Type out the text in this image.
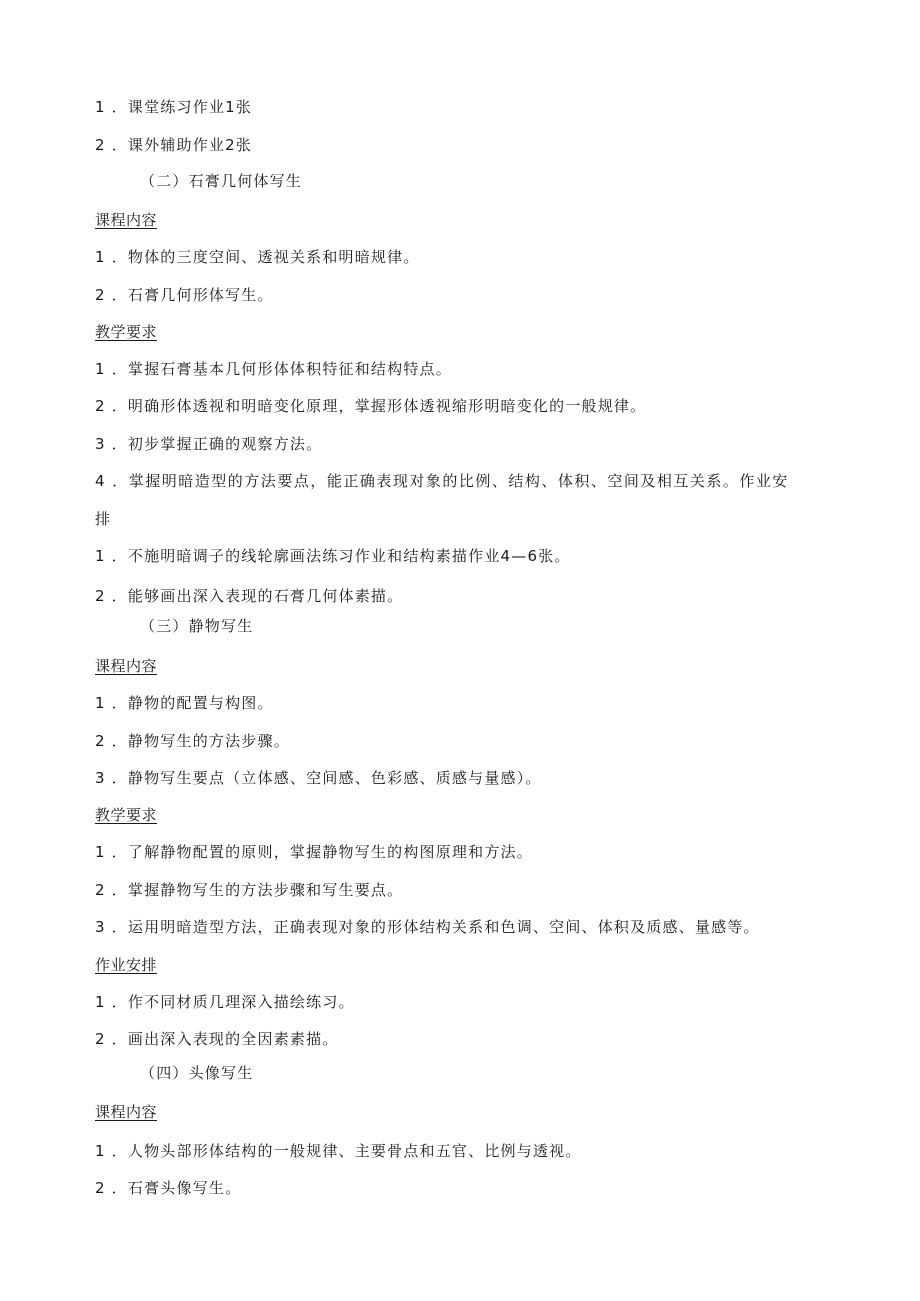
1 ．课堂练习作业1张
2 ．课外辅助作业2张
（二）石膏几何体写生
课程内容
1 ．物体的三度空间、透视关系和明暗规律。
2 ．石膏几何形体写生。
教学要求
1 ．掌握石膏基本几何形体体积特征和结构特点。
2 ．明确形体透视和明暗变化原理，掌握形体透视缩形明暗变化的一般规律。
3 ．初步掌握正确的观察方法。
4 ．掌握明暗造型的方法要点，能正确表现对象的比例、结构、体积、空间及相互关系。作业安
排
1 ．不施明暗调子的线轮廓画法练习作业和结构素描作业4—6张。
2 ．能够画出深入表现的石膏几何体素描。
（三）静物写生
课程内容
1 ．静物的配置与构图。
2 ．静物写生的方法步骤。
3 ．静物写生要点（立体感、空间感、色彩感、质感与量感）。
教学要求
1 ．了解静物配置的原则，掌握静物写生的构图原理和方法。
2 ．掌握静物写生的方法步骤和写生要点。
3 ．运用明暗造型方法，正确表现对象的形体结构关系和色调、空间、体积及质感、量感等。
作业安排
1 ．作不同材质几理深入描绘练习。
2 ．画出深入表现的全因素素描。
（四）头像写生
课程内容
1 ．人物头部形体结构的一般规律、主要骨点和五官、比例与透视。
2 ．石膏头像写生。
